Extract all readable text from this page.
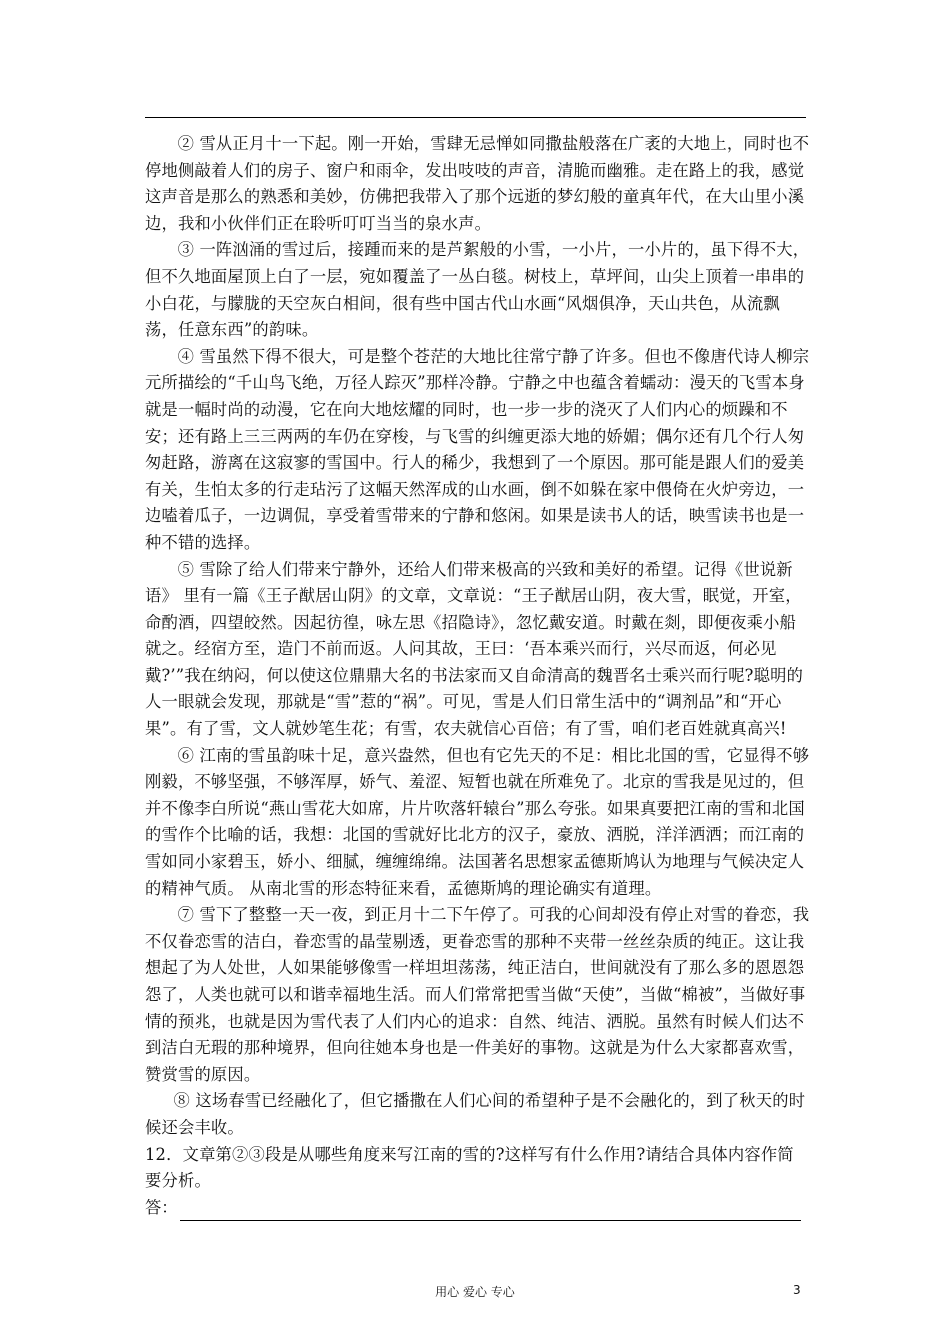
② 雪从正月十一下起。刚一开始，雪肆无忌惮如同撒盐般落在广袤的大地上，同时也不停地侧敲着人们的房子、窗户和雨伞，发出吱吱的声音，清脆而幽雅。走在路上的我，感觉这声音是那么的熟悉和美妙，仿佛把我带入了那个远逝的梦幻般的童真年代，在大山里小溪边，我和小伙伴们正在聆听叮叮当当的泉水声。

③ 一阵汹涌的雪过后，接踵而来的是芦絮般的小雪，一小片，一小片的，虽下得不大，但不久地面屋顶上白了一层，宛如覆盖了一丛白毯。树枝上，草坪间，山尖上顶着一串串的小白花，与朦胧的天空灰白相间，很有些中国古代山水画“风烟俱净，天山共色，从流飘荡，任意东西”的韵味。

④ 雪虽然下得不很大，可是整个苍茫的大地比往常宁静了许多。但也不像唐代诗人柳宗 元所描绘的“千山鸟飞绝，万径人踪灭”那样冷静。宁静之中也蕴含着蠕动：漫天的飞雪本身就是一幅时尚的动漫，它在向大地炫耀的同时，也一步一步的浇灭了人们内心的烦躁和不安；还有路上三三两两的车仍在穿梭，与飞雪的纠缠更添大地的娇媚；偶尔还有几个行人匆匆赶路，游离在这寂寥的雪国中。行人的稀少，我想到了一个原因。那可能是跟人们的爱美有关，生怕太多的行走玷污了这幅天然浑成的山水画，倒不如躲在家中偎倚在火炉旁边，一边嗑着瓜子，一边调侃，享受着雪带来的宁静和悠闲。如果是读书人的话，映雪读书也是一种不错的选择。

⑤ 雪除了给人们带来宁静外，还给人们带来极高的兴致和美好的希望。记得《世说新语》 里有一篇《王子猷居山阴》的文章，文章说：“王子猷居山阴，夜大雪，眠觉，开室，命酌酒，四望皎然。因起彷徨，咏左思《招隐诗》，忽忆戴安道。时戴在剡，即便夜乘小船就之。经宿方至，造门不前而返。人问其故，王曰：‘吾本乘兴而行，兴尽而返，何必见戴?’”我在纳闷，何以使这位鼎鼎大名的书法家而又自命清高的魏晋名士乘兴而行呢?聪明的人一眼就会发现，那就是“雪”惹的“祸”。可见，雪是人们日常生活中的“调剂品”和“开心果”。有了雪，文人就妙笔生花；有雪，农夫就信心百倍；有了雪，咱们老百姓就真高兴!

⑥ 江南的雪虽韵味十足，意兴盎然，但也有它先天的不足：相比北国的雪，它显得不够刚毅，不够坚强，不够浑厚，娇气、羞涩、短暂也就在所难免了。北京的雪我是见过的，但并不像李白所说“燕山雪花大如席，片片吹落轩辕台”那么夸张。如果真要把江南的雪和北国的雪作个比喻的话，我想：北国的雪就好比北方的汉子，豪放、洒脱，洋洋洒洒；而江南的雪如同小家碧玉，娇小、细腻，缠缠绵绵。法国著名思想家孟德斯鸠认为地理与气候决定人的精神气质。 从南北雪的形态特征来看，孟德斯鸠的理论确实有道理。

⑦ 雪下了整整一天一夜，到正月十二下午停了。可我的心间却没有停止对雪的眷恋，我不仅眷恋雪的洁白，眷恋雪的晶莹剔透，更眷恋雪的那种不夹带一丝丝杂质的纯正。这让我想起了为人处世，人如果能够像雪一样坦坦荡荡，纯正洁白，世间就没有了那么多的恩恩怨怨了，人类也就可以和谐幸福地生活。而人们常常把雪当做“天使”，当做“棉被”，当做好事情的预兆，也就是因为雪代表了人们内心的追求：自然、纯洁、洒脱。虽然有时候人们达不到洁白无瑕的那种境界，但向往她本身也是一件美好的事物。这就是为什么大家都喜欢雪，赞赏雪的原因。

⑧ 这场春雪已经融化了，但它播撒在人们心间的希望种子是不会融化的，到了秋天的时候还会丰收。

12．文章第②③段是从哪些角度来写江南的雪的?这样写有什么作用?请结合具体内容作简要分析。

答：
用心 爱心 专心	3
